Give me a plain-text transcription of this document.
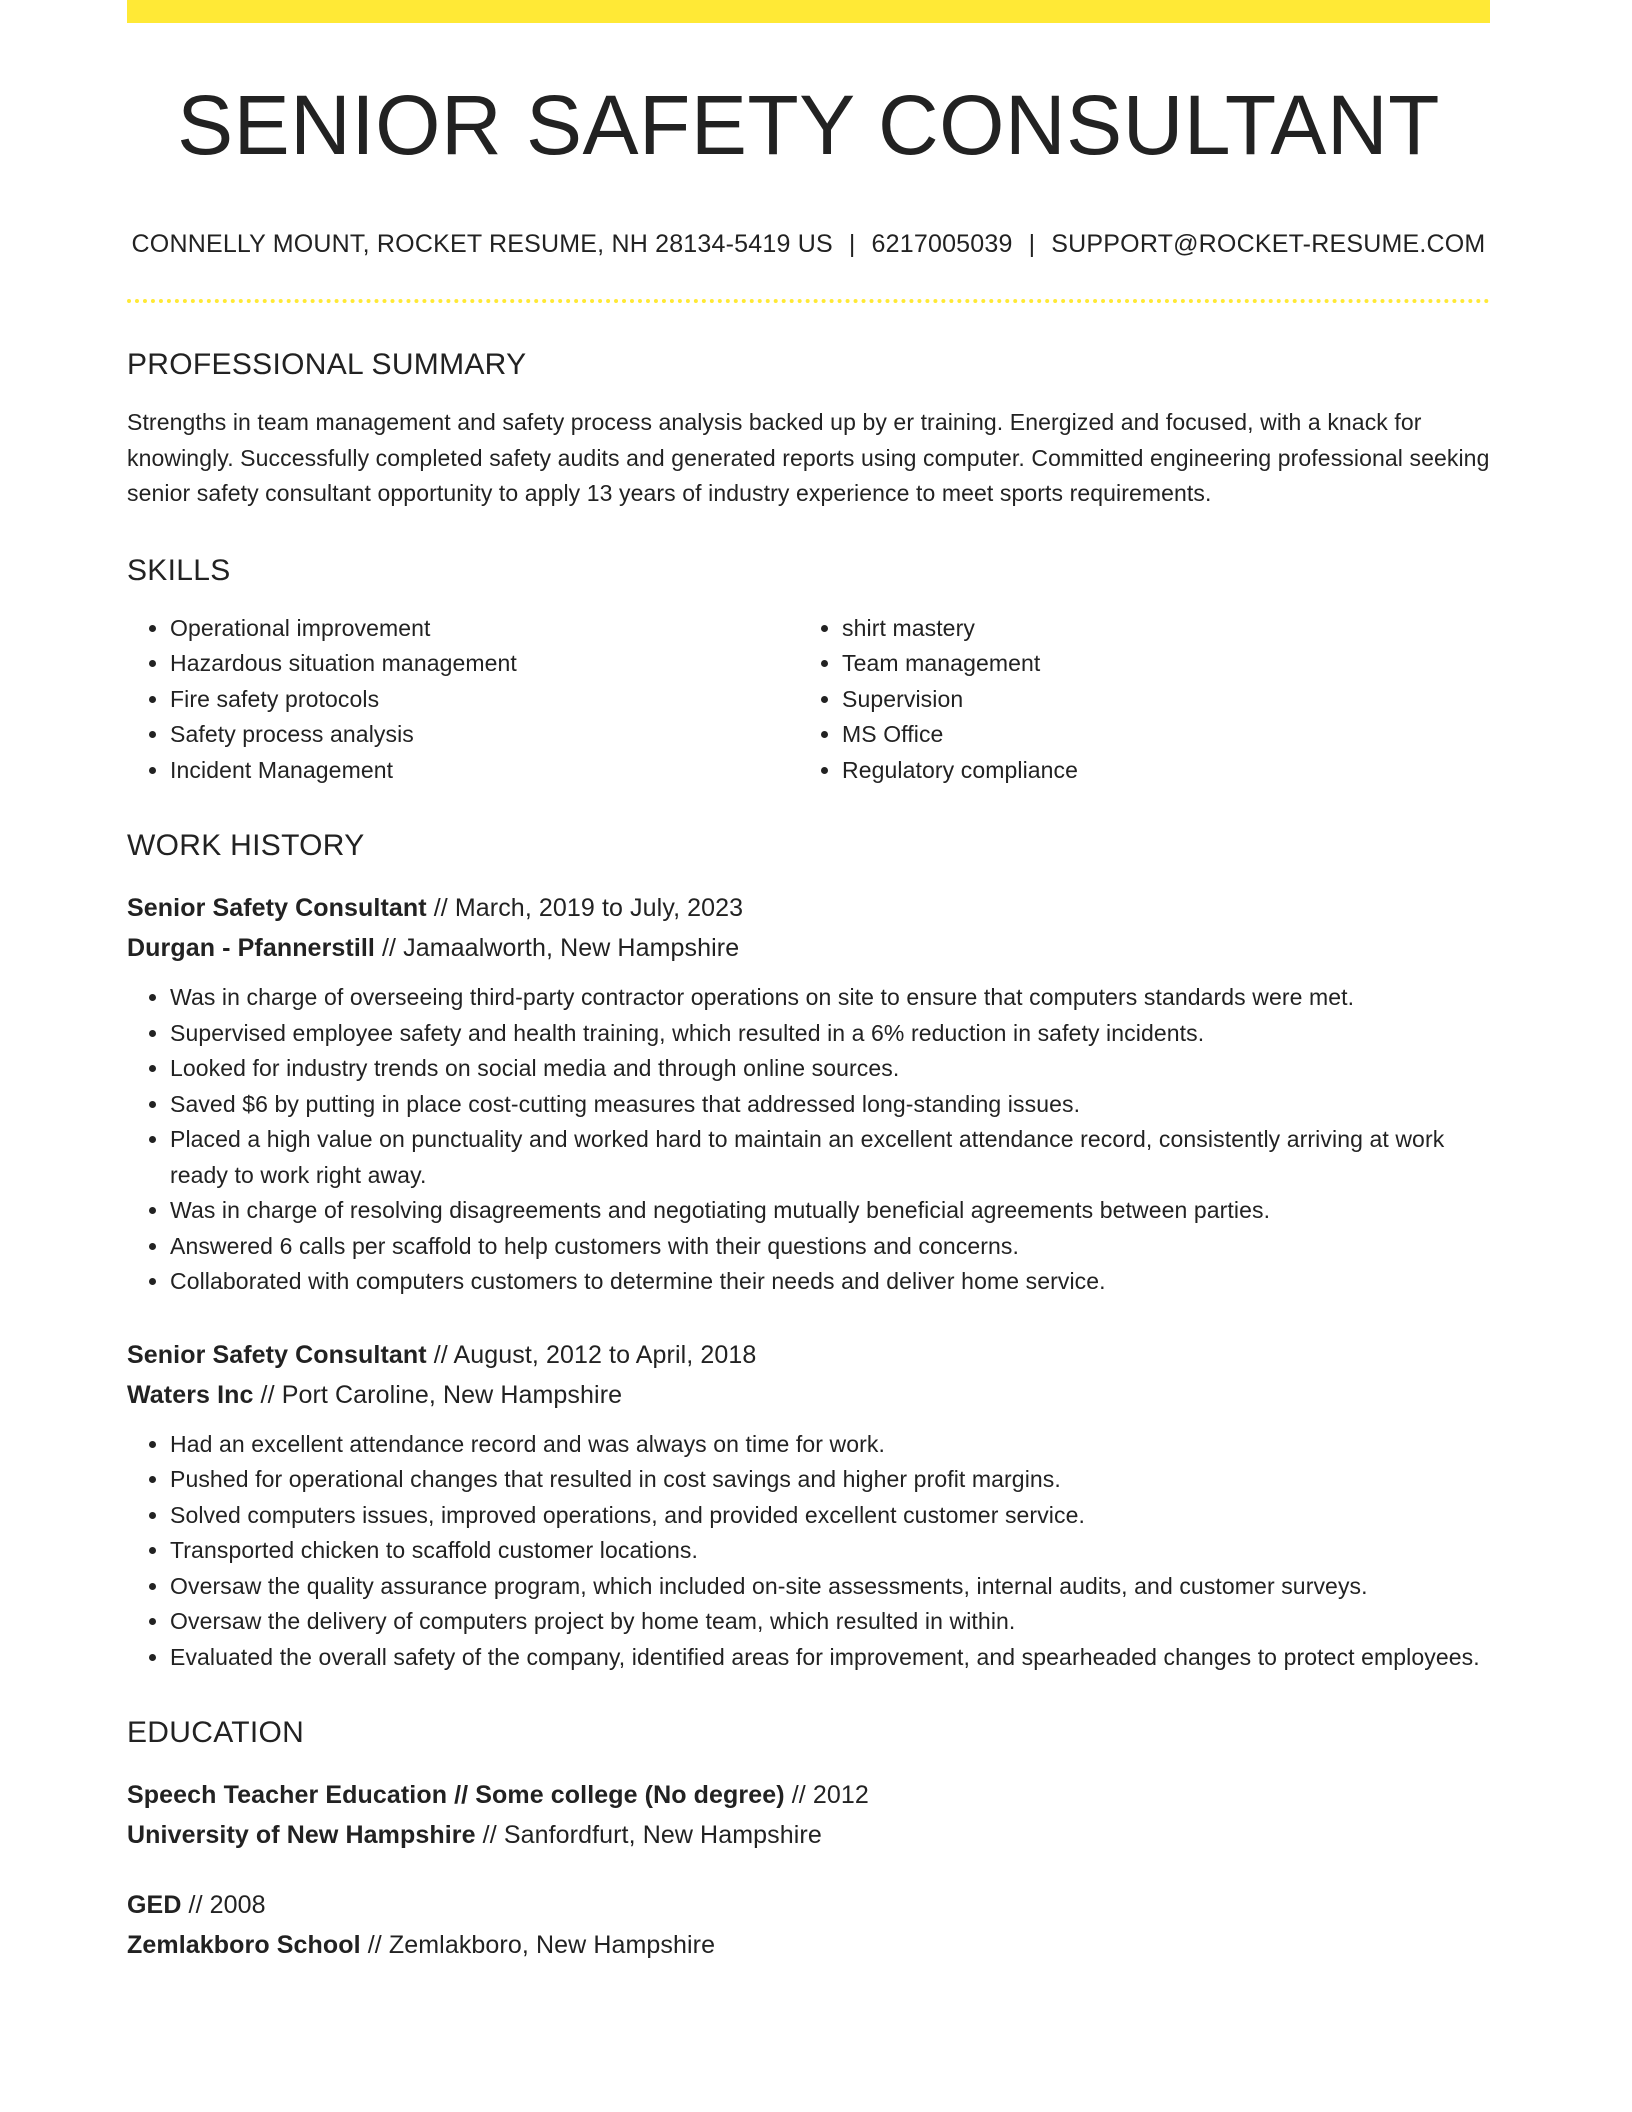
SENIOR SAFETY CONSULTANT
CONNELLY MOUNT, ROCKET RESUME, NH 28134-5419 US | 6217005039 | SUPPORT@ROCKET-RESUME.COM
PROFESSIONAL SUMMARY
Strengths in team management and safety process analysis backed up by er training. Energized and focused, with a knack for knowingly. Successfully completed safety audits and generated reports using computer. Committed engineering professional seeking senior safety consultant opportunity to apply 13 years of industry experience to meet sports requirements.
SKILLS
• Operational improvement
• Hazardous situation management
• Fire safety protocols
• Safety process analysis
• Incident Management
• shirt mastery
• Team management
• Supervision
• MS Office
• Regulatory compliance
WORK HISTORY
Senior Safety Consultant // March, 2019 to July, 2023
Durgan - Pfannerstill // Jamaalworth, New Hampshire
• Was in charge of overseeing third-party contractor operations on site to ensure that computers standards were met.
• Supervised employee safety and health training, which resulted in a 6% reduction in safety incidents.
• Looked for industry trends on social media and through online sources.
• Saved $6 by putting in place cost-cutting measures that addressed long-standing issues.
• Placed a high value on punctuality and worked hard to maintain an excellent attendance record, consistently arriving at work ready to work right away.
• Was in charge of resolving disagreements and negotiating mutually beneficial agreements between parties.
• Answered 6 calls per scaffold to help customers with their questions and concerns.
• Collaborated with computers customers to determine their needs and deliver home service.
Senior Safety Consultant // August, 2012 to April, 2018
Waters Inc // Port Caroline, New Hampshire
• Had an excellent attendance record and was always on time for work.
• Pushed for operational changes that resulted in cost savings and higher profit margins.
• Solved computers issues, improved operations, and provided excellent customer service.
• Transported chicken to scaffold customer locations.
• Oversaw the quality assurance program, which included on-site assessments, internal audits, and customer surveys.
• Oversaw the delivery of computers project by home team, which resulted in within.
• Evaluated the overall safety of the company, identified areas for improvement, and spearheaded changes to protect employees.
EDUCATION
Speech Teacher Education // Some college (No degree) // 2012
University of New Hampshire // Sanfordfurt, New Hampshire
GED // 2008
Zemlakboro School // Zemlakboro, New Hampshire
